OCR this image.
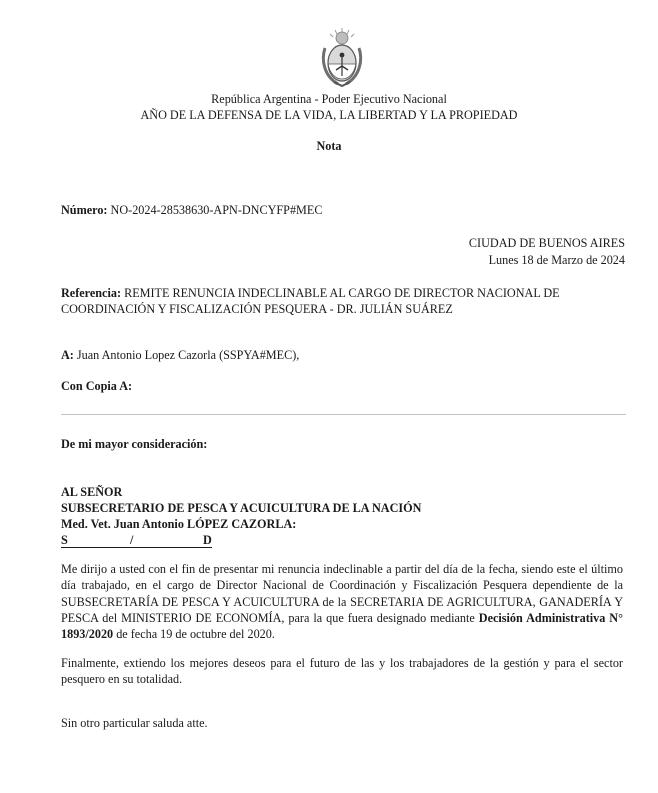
República Argentina - Poder Ejecutivo Nacional
AÑO DE LA DEFENSA DE LA VIDA, LA LIBERTAD Y LA PROPIEDAD
Nota
Número: NO-2024-28538630-APN-DNCYFP#MEC
CIUDAD DE BUENOS AIRES
Lunes 18 de Marzo de 2024
Referencia: REMITE RENUNCIA INDECLINABLE AL CARGO DE DIRECTOR NACIONAL DE
COORDINACIÓN Y FISCALIZACIÓN PESQUERA - DR. JULIÁN SUÁREZ
A: Juan Antonio Lopez Cazorla (SSPYA#MEC),
Con Copia A:
De mi mayor consideración:
AL SEÑOR
SUBSECRETARIO DE PESCA Y ACUICULTURA DE LA NACIÓN
Med. Vet. Juan Antonio LÓPEZ CAZORLA:
S	/	D
Me dirijo a usted con el fin de presentar mi renuncia indeclinable a partir del día de la fecha, siendo este el último
día trabajado, en el cargo de Director Nacional de Coordinación y Fiscalización Pesquera dependiente de la
SUBSECRETARÍA DE PESCA Y ACUICULTURA de la SECRETARIA DE AGRICULTURA, GANADERÍA Y
PESCA del MINISTERIO DE ECONOMÍA, para la que fuera designado mediante Decisión Administrativa N°
1893/2020 de fecha 19 de octubre del 2020.
Finalmente, extiendo los mejores deseos para el futuro de las y los trabajadores de la gestión y para el sector
pesquero en su totalidad.
Sin otro particular saluda atte.
